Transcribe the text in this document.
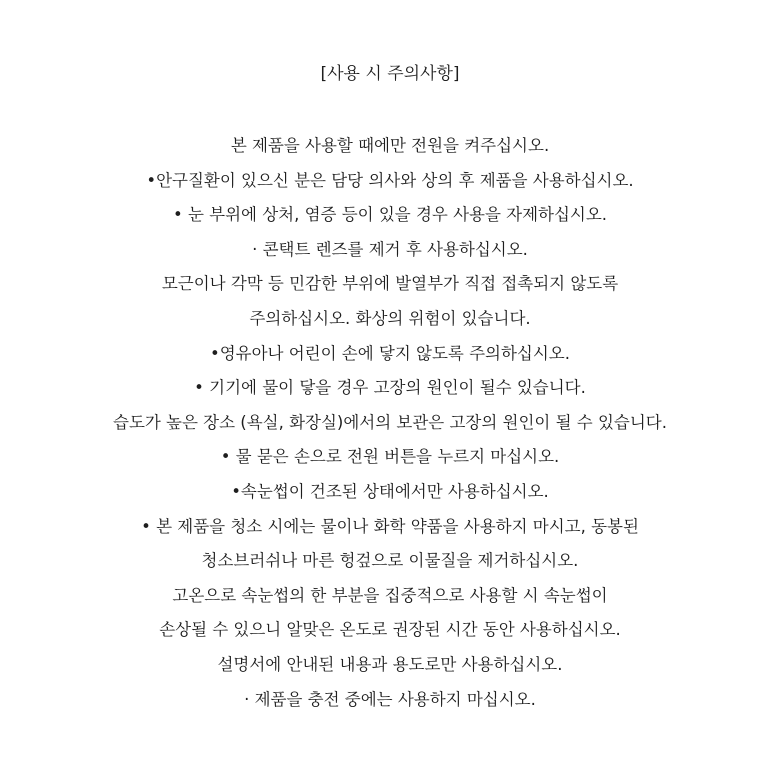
[사용 시 주의사항]
본 제품을 사용할 때에만 전원을 켜주십시오.
•안구질환이 있으신 분은 담당 의사와 상의 후 제품을 사용하십시오.
• 눈 부위에 상처, 염증 등이 있을 경우 사용을 자제하십시오.
· 콘택트 렌즈를 제거 후 사용하십시오.
모근이나 각막 등 민감한 부위에 발열부가 직접 접촉되지 않도록
주의하십시오. 화상의 위험이 있습니다.
•영유아나 어린이 손에 닿지 않도록 주의하십시오.
• 기기에 물이 닿을 경우 고장의 원인이 될수 있습니다.
습도가 높은 장소 (욕실, 화장실)에서의 보관은 고장의 원인이 될 수 있습니다.
• 물 묻은 손으로 전원 버튼을 누르지 마십시오.
•속눈썹이 건조된 상태에서만 사용하십시오.
• 본 제품을 청소 시에는 물이나 화학 약품을 사용하지 마시고, 동봉된
청소브러쉬나 마른 헝겊으로 이물질을 제거하십시오.
고온으로 속눈썹의 한 부분을 집중적으로 사용할 시 속눈썹이
손상될 수 있으니 알맞은 온도로 권장된 시간 동안 사용하십시오.
설명서에 안내된 내용과 용도로만 사용하십시오.
· 제품을 충전 중에는 사용하지 마십시오.
